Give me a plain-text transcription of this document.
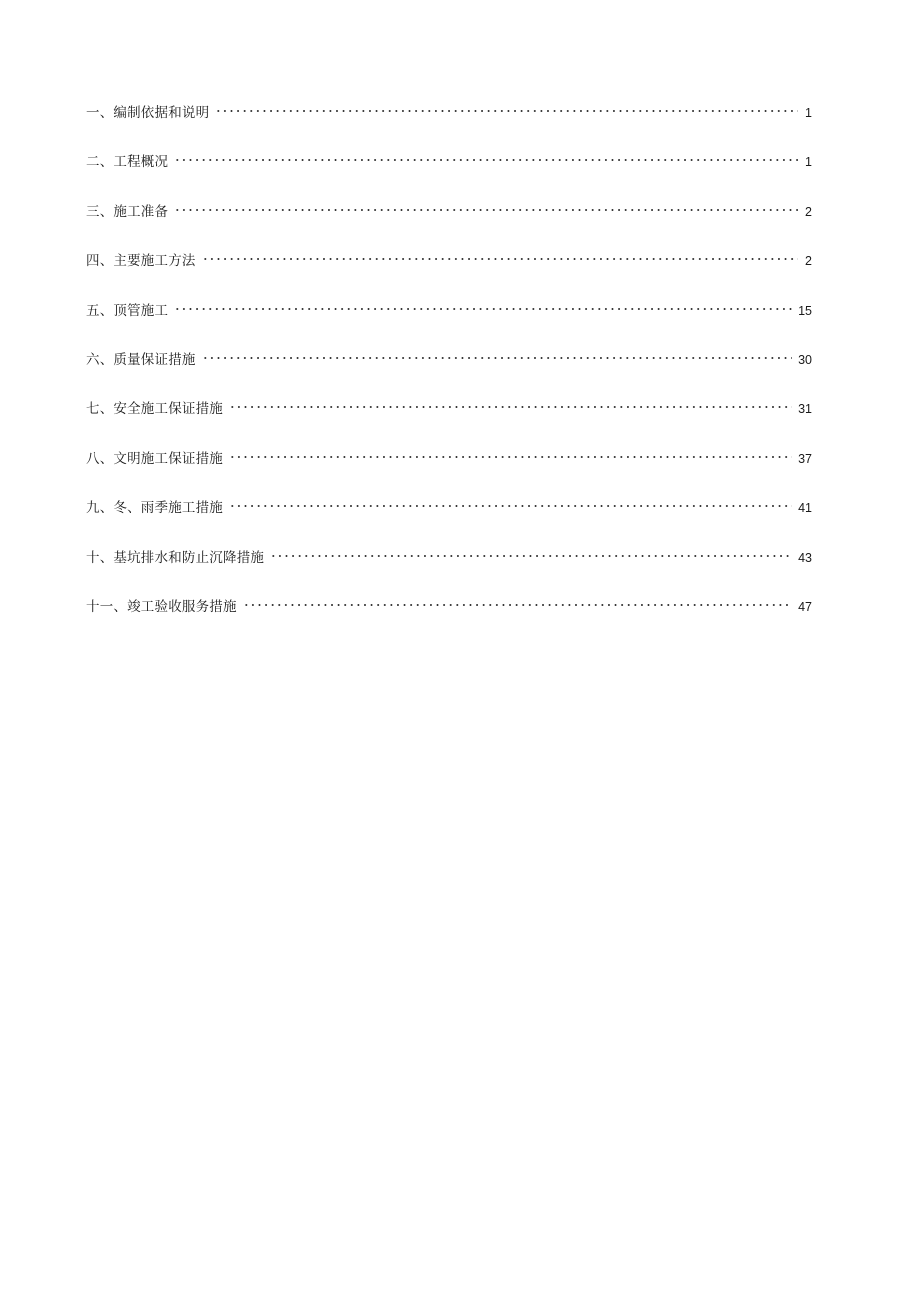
一、编制依据和说明	1
二、工程概况	1
三、施工准备	2
四、主要施工方法	2
五、顶管施工	15
六、质量保证措施	30
七、安全施工保证措施	31
八、文明施工保证措施	37
九、冬、雨季施工措施	41
十、基坑排水和防止沉降措施	43
十一、竣工验收服务措施	47
